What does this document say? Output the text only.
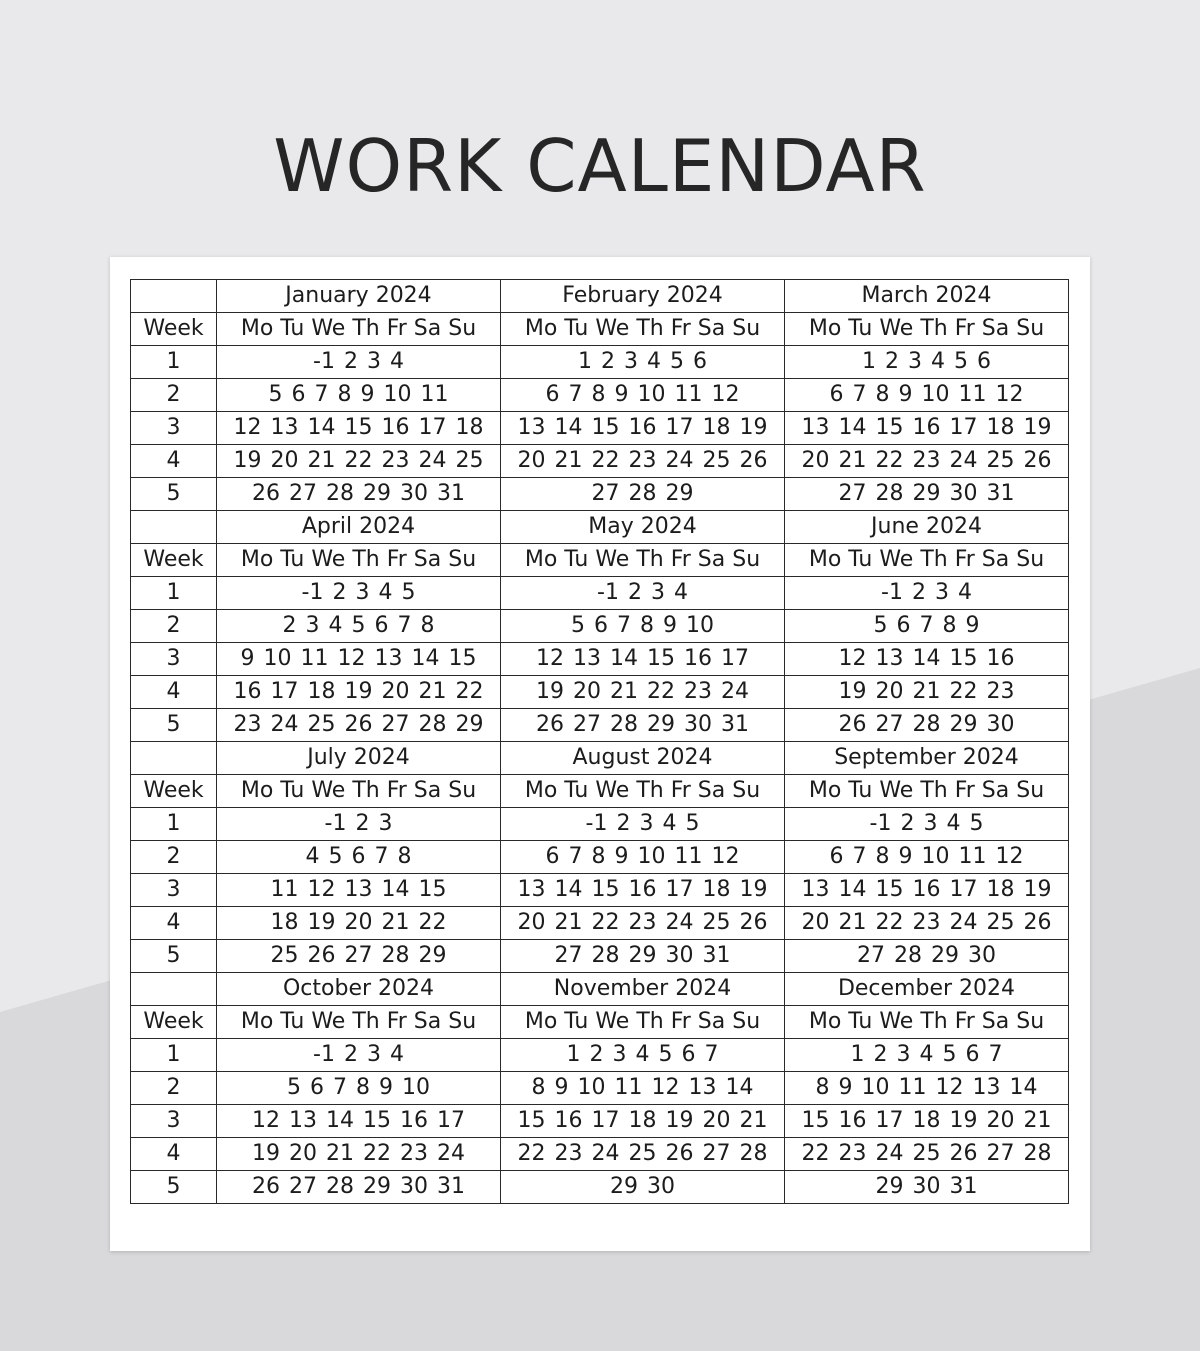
WORK CALENDAR
	January 2024	February 2024	March 2024
Week	Mo Tu We Th Fr Sa Su	Mo Tu We Th Fr Sa Su	Mo Tu We Th Fr Sa Su
1	-1 2 3 4	1 2 3 4 5 6	1 2 3 4 5 6
2	5 6 7 8 9 10 11	6 7 8 9 10 11 12	6 7 8 9 10 11 12
3	12 13 14 15 16 17 18	13 14 15 16 17 18 19	13 14 15 16 17 18 19
4	19 20 21 22 23 24 25	20 21 22 23 24 25 26	20 21 22 23 24 25 26
5	26 27 28 29 30 31	27 28 29	27 28 29 30 31
	April 2024	May 2024	June 2024
Week	Mo Tu We Th Fr Sa Su	Mo Tu We Th Fr Sa Su	Mo Tu We Th Fr Sa Su
1	-1 2 3 4 5	-1 2 3 4	-1 2 3 4
2	2 3 4 5 6 7 8	5 6 7 8 9 10	5 6 7 8 9
3	9 10 11 12 13 14 15	12 13 14 15 16 17	12 13 14 15 16
4	16 17 18 19 20 21 22	19 20 21 22 23 24	19 20 21 22 23
5	23 24 25 26 27 28 29	26 27 28 29 30 31	26 27 28 29 30
	July 2024	August 2024	September 2024
Week	Mo Tu We Th Fr Sa Su	Mo Tu We Th Fr Sa Su	Mo Tu We Th Fr Sa Su
1	-1 2 3	-1 2 3 4 5	-1 2 3 4 5
2	4 5 6 7 8	6 7 8 9 10 11 12	6 7 8 9 10 11 12
3	11 12 13 14 15	13 14 15 16 17 18 19	13 14 15 16 17 18 19
4	18 19 20 21 22	20 21 22 23 24 25 26	20 21 22 23 24 25 26
5	25 26 27 28 29	27 28 29 30 31	27 28 29 30
	October 2024	November 2024	December 2024
Week	Mo Tu We Th Fr Sa Su	Mo Tu We Th Fr Sa Su	Mo Tu We Th Fr Sa Su
1	-1 2 3 4	1 2 3 4 5 6 7	1 2 3 4 5 6 7
2	5 6 7 8 9 10	8 9 10 11 12 13 14	8 9 10 11 12 13 14
3	12 13 14 15 16 17	15 16 17 18 19 20 21	15 16 17 18 19 20 21
4	19 20 21 22 23 24	22 23 24 25 26 27 28	22 23 24 25 26 27 28
5	26 27 28 29 30 31	29 30	29 30 31
